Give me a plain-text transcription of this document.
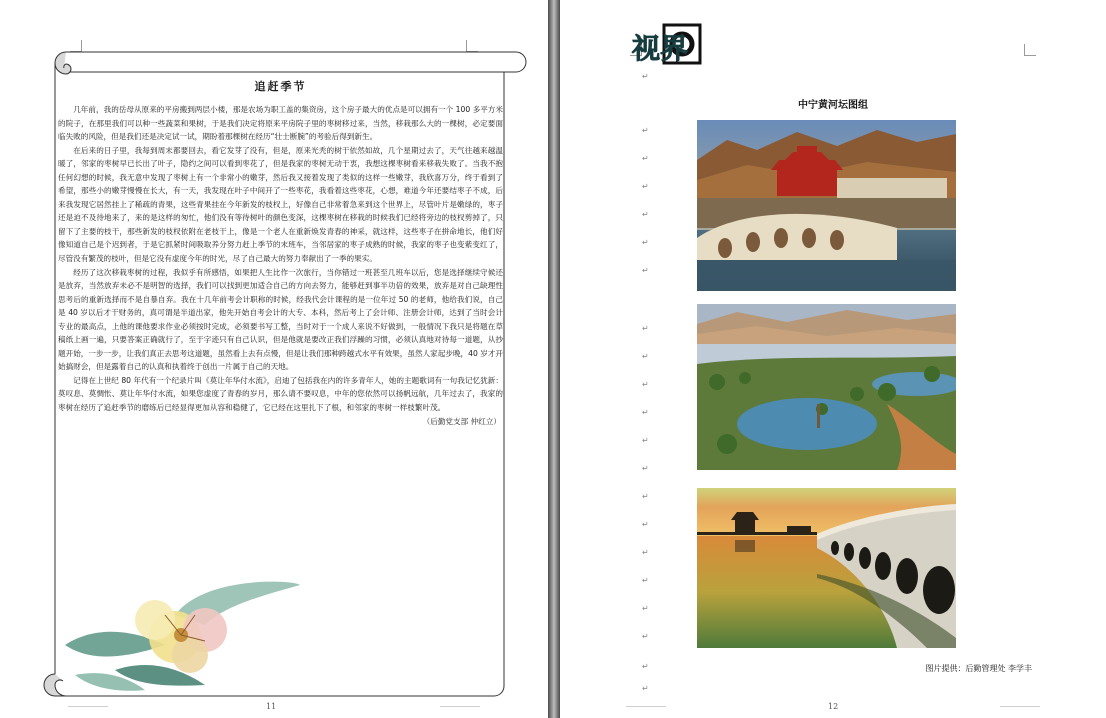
追赶季节

几年前，我的岳母从原来的平房搬到两层小楼，那是农场为职工盖的集资房，这个房子最大的优点是可以拥有一个 100 多平方米的院子，在那里我们可以种一些蔬菜和果树，于是我们决定将原来平房院子里的枣树移过来，当然，移栽那么大的一棵树，必定要面临失败的风险，但是我们还是决定试一试，期盼着那棵树在经历“壮士断腕”的考验后得到新生。

在后来的日子里，我每到周末都要回去，看它发芽了没有，但是，原来光秃的树干依然如故，几个星期过去了，天气往越来越温暖了，邻家的枣树早已长出了叶子，隐约之间可以看到枣花了，但是我家的枣树无动于衷，我想这棵枣树看来移栽失败了。当我不抱任何幻想的时候，我无意中发现了枣树上有一个非常小的嫩芽，然后我又接着发现了类似的这样一些嫩芽，我欣喜万分，终于看到了希望，那些小的嫩芽慢慢在长大，有一天，我发现在叶子中间开了一些枣花，我看着这些枣花，心想，难道今年还要结枣子不成，后来我发现它居然挂上了稀疏的青果，这些青果挂在今年新发的枝杈上，好像自己非常着急来到这个世界上，尽管叶片是嫩绿的，枣子还是迫不及待地来了，来的是这样的匆忙，他们没有等待树叶的颜色变深，这棵枣树在移栽的时候我们已经将旁边的枝杈剪掉了，只留下了主要的枝干，那些新发的枝杈依附在老枝干上，像是一个老人在重新焕发青春的神采，就这样，这些枣子在拼命地长，他们好像知道自己是个迟到者，于是它抓紧时间吸取养分努力赶上季节的末班车，当邻居家的枣子成熟的时候，我家的枣子也变紫变红了，尽管没有繁茂的枝叶，但是它没有虚度今年的时光，尽了自己最大的努力奉献出了一季的果实。

经历了这次移栽枣树的过程，我似乎有所感悟，如果把人生比作一次旅行，当你错过一班甚至几班车以后，您是选择继续守候还是放弃，当然放弃未必不是明智的选择，我们可以找到更加适合自己的方向去努力，能够赶到事半功倍的效果，放弃是对自己缺理性思考后的重新选择而不是自暴自弃。我在十几年前考会计职称的时候，经我代会计课程的是一位年过 50 的老师，他给我们说，自己是 40 岁以后才干财务的，真可谓是半道出家，他先开始自考会计的大专、本科，然后考上了会计师、注册会计师，达到了当时会计专业的最高点，上他的课他要求作业必须按时完成，必须要书写工整，当时对于一个成人来说不好做到，一般情况下我只是将题在草稿纸上画一遍，只要答案正确就行了，至于字迹只有自己认识，但是他就是要改正我们浮躁的习惯，必须认真地对待每一道题，从抄题开始，一步一步，让我们真正去思考这道题，虽然看上去有点慢，但是让我们那种跨越式水平有效果，虽然人家起步晚，40 岁才开始搞财会，但是露着自己的认真和执着终于创出一片属于自己的天地。

记得在上世纪 80 年代有一个纪录片叫《莫让年华付水流》，启迪了包括我在内的许多青年人，她的主题歌词有一句我记忆犹新：莫叹息、莫惆怅、莫让年华付水流，如果您虚度了青春的岁月，那么请不要叹息，中年的您依然可以扬帆远航，几年过去了，我家的枣树在经历了追赶季节的磨练后已经显得更加从容和稳健了，它已经在这里扎下了根，和邻家的枣树一样枝繁叶茂。

（后勤党支部 仲红立）

11
视界
中宁黄河坛图组
↵
↵
↵
↵
↵
↵
↵
↵
↵
↵
↵
↵
↵
↵
↵
↵
↵
↵
↵
↵
↵
图片提供：后勤管理处 李学丰
12
